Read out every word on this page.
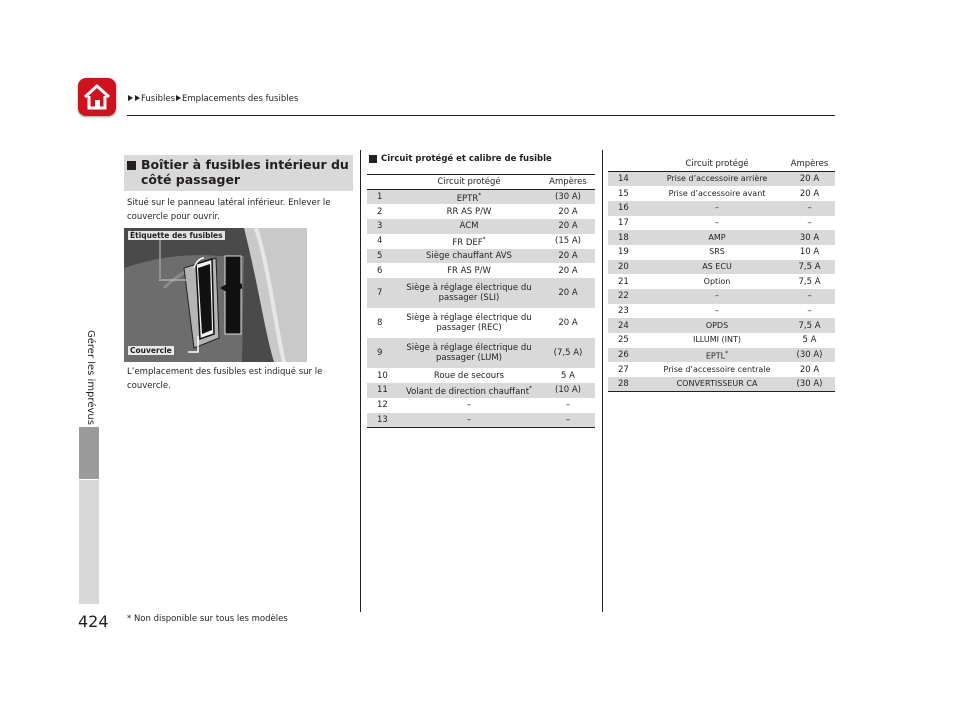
Gérer les imprévus
Fusibles Emplacements des fusibles
Boîtier à fusibles intérieur du
côté passager
Situé sur le panneau latéral inférieur. Enlever le
couvercle pour ouvrir.
Étiquette des fusibles
Couvercle
L’emplacement des fusibles est indiqué sur le
couvercle.
Circuit protégé et calibre de fusible
	Circuit protégé	Ampères
1	EPTR*	(30 A)
2	RR AS P/W	20 A
3	ACM	20 A
4	FR DEF*	(15 A)
5	Siège chauffant AVS	20 A
6	FR AS P/W	20 A
7	Siège à réglage électrique du passager (SLI)	20 A
8	Siège à réglage électrique du passager (REC)	20 A
9	Siège à réglage électrique du passager (LUM)	(7,5 A)
10	Roue de secours	5 A
11	Volant de direction chauffant*	(10 A)
12	–	–
13	–	–
	Circuit protégé	Ampères
14	Prise d’accessoire arrière	20 A
15	Prise d’accessoire avant	20 A
16	–	–
17	–	–
18	AMP	30 A
19	SRS	10 A
20	AS ECU	7,5 A
21	Option	7,5 A
22	–	–
23	–	–
24	OPDS	7,5 A
25	ILLUMI (INT)	5 A
26	EPTL*	(30 A)
27	Prise d’accessoire centrale	20 A
28	CONVERTISSEUR CA	(30 A)
424 * Non disponible sur tous les modèles
